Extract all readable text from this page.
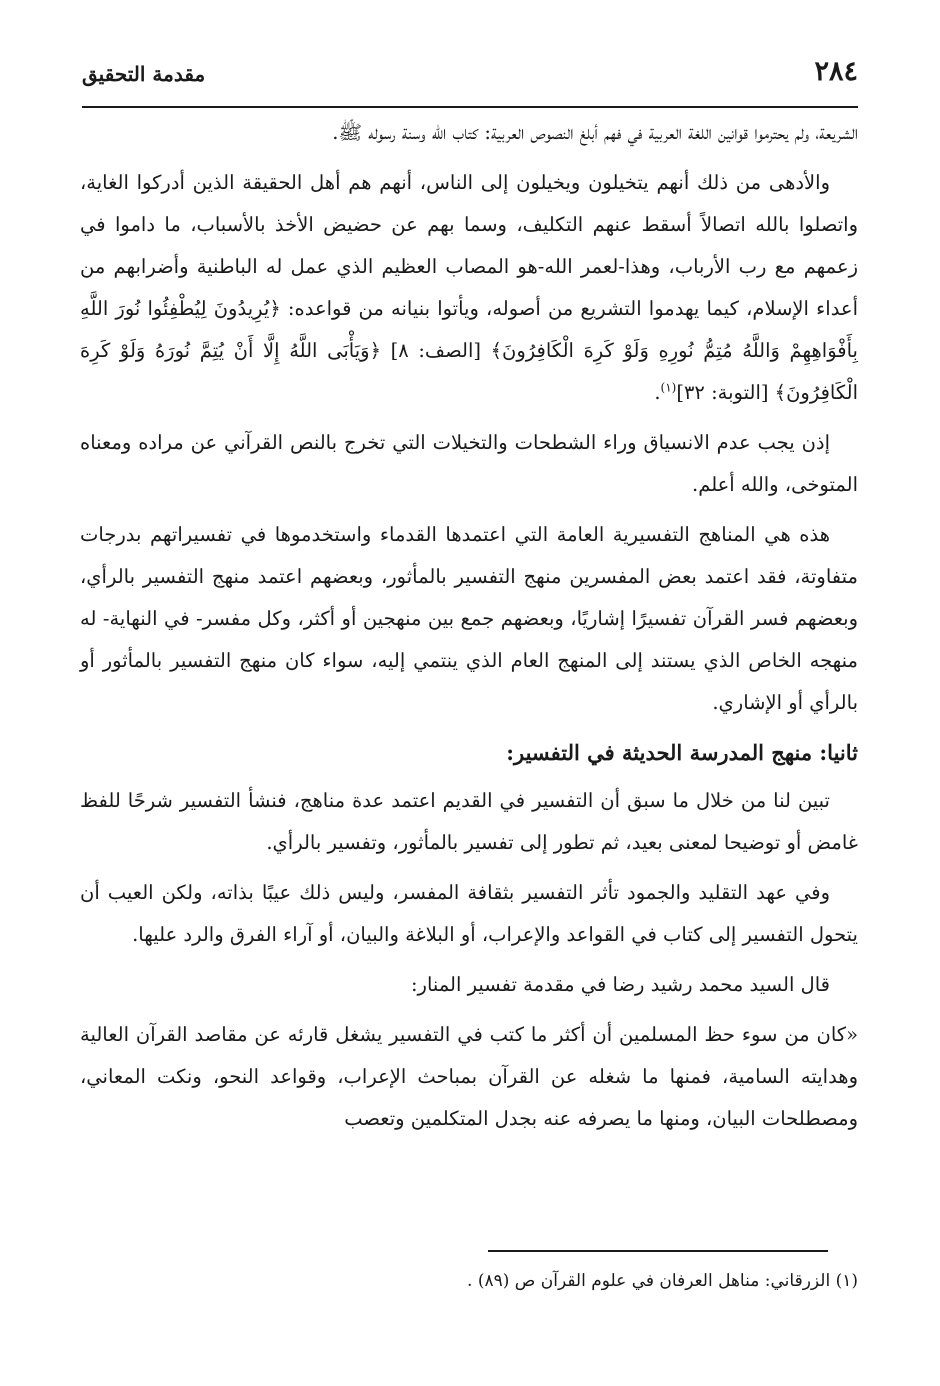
٢٨٤
مقدمة التحقيق

الشريعة، ولم يحترموا قوانين اللغة العربية في فهم أبلغ النصوص العربية: كتاب الله وسنة رسوله ﷺ.

والأدهى من ذلك أنهم يتخيلون ويخيلون إلى الناس، أنهم هم أهل الحقيقة الذين أدركوا الغاية، واتصلوا بالله اتصالاً أسقط عنهم التكليف، وسما بهم عن حضيض الأخذ بالأسباب، ما داموا في زعمهم مع رب الأرباب، وهذا-لعمر الله-هو المصاب العظيم الذي عمل له الباطنية وأضرابهم من أعداء الإسلام، كيما يهدموا التشريع من أصوله، ويأتوا بنيانه من قواعده: ﴿يُرِيدُونَ لِيُطْفِئُوا نُورَ اللَّهِ بِأَفْوَاهِهِمْ وَاللَّهُ مُتِمُّ نُورِهِ وَلَوْ كَرِهَ الْكَافِرُونَ﴾ [الصف: ٨] ﴿وَيَأْبَى اللَّهُ إِلَّا أَنْ يُتِمَّ نُورَهُ وَلَوْ كَرِهَ الْكَافِرُونَ﴾ [التوبة: ٣٢]$^{(١)}$.

إذن يجب عدم الانسياق وراء الشطحات والتخيلات التي تخرج بالنص القرآني عن مراده ومعناه المتوخى، والله أعلم.

هذه هي المناهج التفسيرية العامة التي اعتمدها القدماء واستخدموها في تفسيراتهم بدرجات متفاوتة، فقد اعتمد بعض المفسرين منهج التفسير بالمأثور، وبعضهم اعتمد منهج التفسير بالرأي، وبعضهم فسر القرآن تفسيرًا إشاريًا، وبعضهم جمع بين منهجين أو أكثر، وكل مفسر- في النهاية- له منهجه الخاص الذي يستند إلى المنهج العام الذي ينتمي إليه، سواء كان منهج التفسير بالمأثور أو بالرأي أو الإشاري.

ثانيا: منهج المدرسة الحديثة في التفسير:

تبين لنا من خلال ما سبق أن التفسير في القديم اعتمد عدة مناهج، فنشأ التفسير شرحًا للفظ غامض أو توضيحا لمعنى بعيد، ثم تطور إلى تفسير بالمأثور، وتفسير بالرأي.

وفي عهد التقليد والجمود تأثر التفسير بثقافة المفسر، وليس ذلك عيبًا بذاته، ولكن العيب أن يتحول التفسير إلى كتاب في القواعد والإعراب، أو البلاغة والبيان، أو آراء الفرق والرد عليها.

قال السيد محمد رشيد رضا في مقدمة تفسير المنار:

«كان من سوء حظ المسلمين أن أكثر ما كتب في التفسير يشغل قارئه عن مقاصد القرآن العالية وهدايته السامية، فمنها ما شغله عن القرآن بمباحث الإعراب، وقواعد النحو، ونكت المعاني، ومصطلحات البيان، ومنها ما يصرفه عنه بجدل المتكلمين وتعصب

(١) الزرقاني: مناهل العرفان في علوم القرآن ص (٨٩) .
